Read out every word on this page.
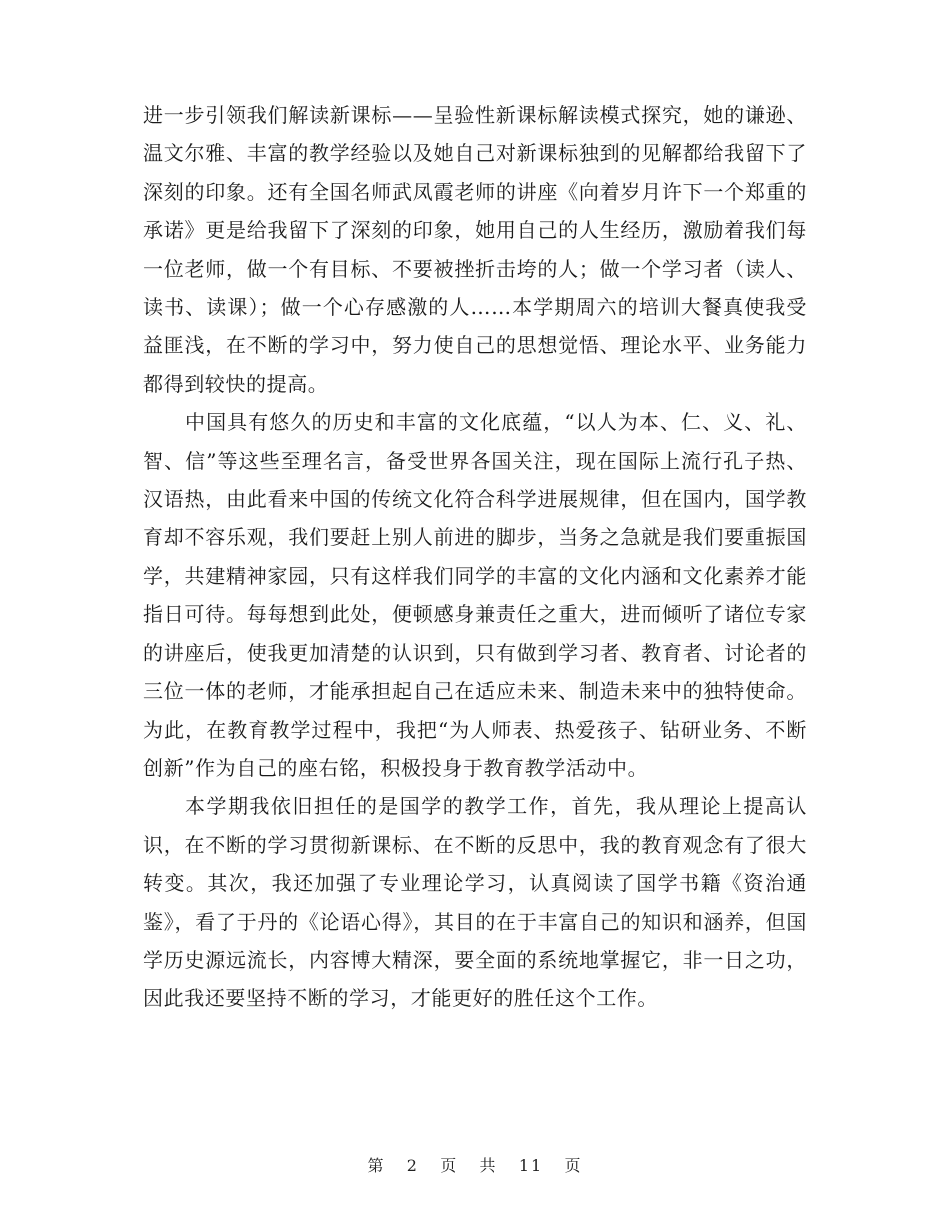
进一步引领我们解读新课标——呈验性新课标解读模式探究，她的谦逊、温文尔雅、丰富的教学经验以及她自己对新课标独到的见解都给我留下了深刻的印象。还有全国名师武凤霞老师的讲座《向着岁月许下一个郑重的承诺》更是给我留下了深刻的印象，她用自己的人生经历，激励着我们每一位老师，做一个有目标、不要被挫折击垮的人；做一个学习者（读人、读书、读课）；做一个心存感激的人……本学期周六的培训大餐真使我受益匪浅，在不断的学习中，努力使自己的思想觉悟、理论水平、业务能力都得到较快的提高。

中国具有悠久的历史和丰富的文化底蕴，“以人为本、仁、义、礼、智、信”等这些至理名言，备受世界各国关注，现在国际上流行孔子热、汉语热，由此看来中国的传统文化符合科学进展规律，但在国内，国学教育却不容乐观，我们要赶上别人前进的脚步，当务之急就是我们要重振国学，共建精神家园，只有这样我们同学的丰富的文化内涵和文化素养才能指日可待。每每想到此处，便顿感身兼责任之重大，进而倾听了诸位专家的讲座后，使我更加清楚的认识到，只有做到学习者、教育者、讨论者的三位一体的老师，才能承担起自己在适应未来、制造未来中的独特使命。为此，在教育教学过程中，我把“为人师表、热爱孩子、钻研业务、不断创新”作为自己的座右铭，积极投身于教育教学活动中。

本学期我依旧担任的是国学的教学工作，首先，我从理论上提高认识，在不断的学习贯彻新课标、在不断的反思中，我的教育观念有了很大转变。其次，我还加强了专业理论学习，认真阅读了国学书籍《资治通鉴》，看了于丹的《论语心得》，其目的在于丰富自己的知识和涵养，但国学历史源远流长，内容博大精深，要全面的系统地掌握它，非一日之功，因此我还要坚持不断的学习，才能更好的胜任这个工作。

第 2 页 共 11 页
